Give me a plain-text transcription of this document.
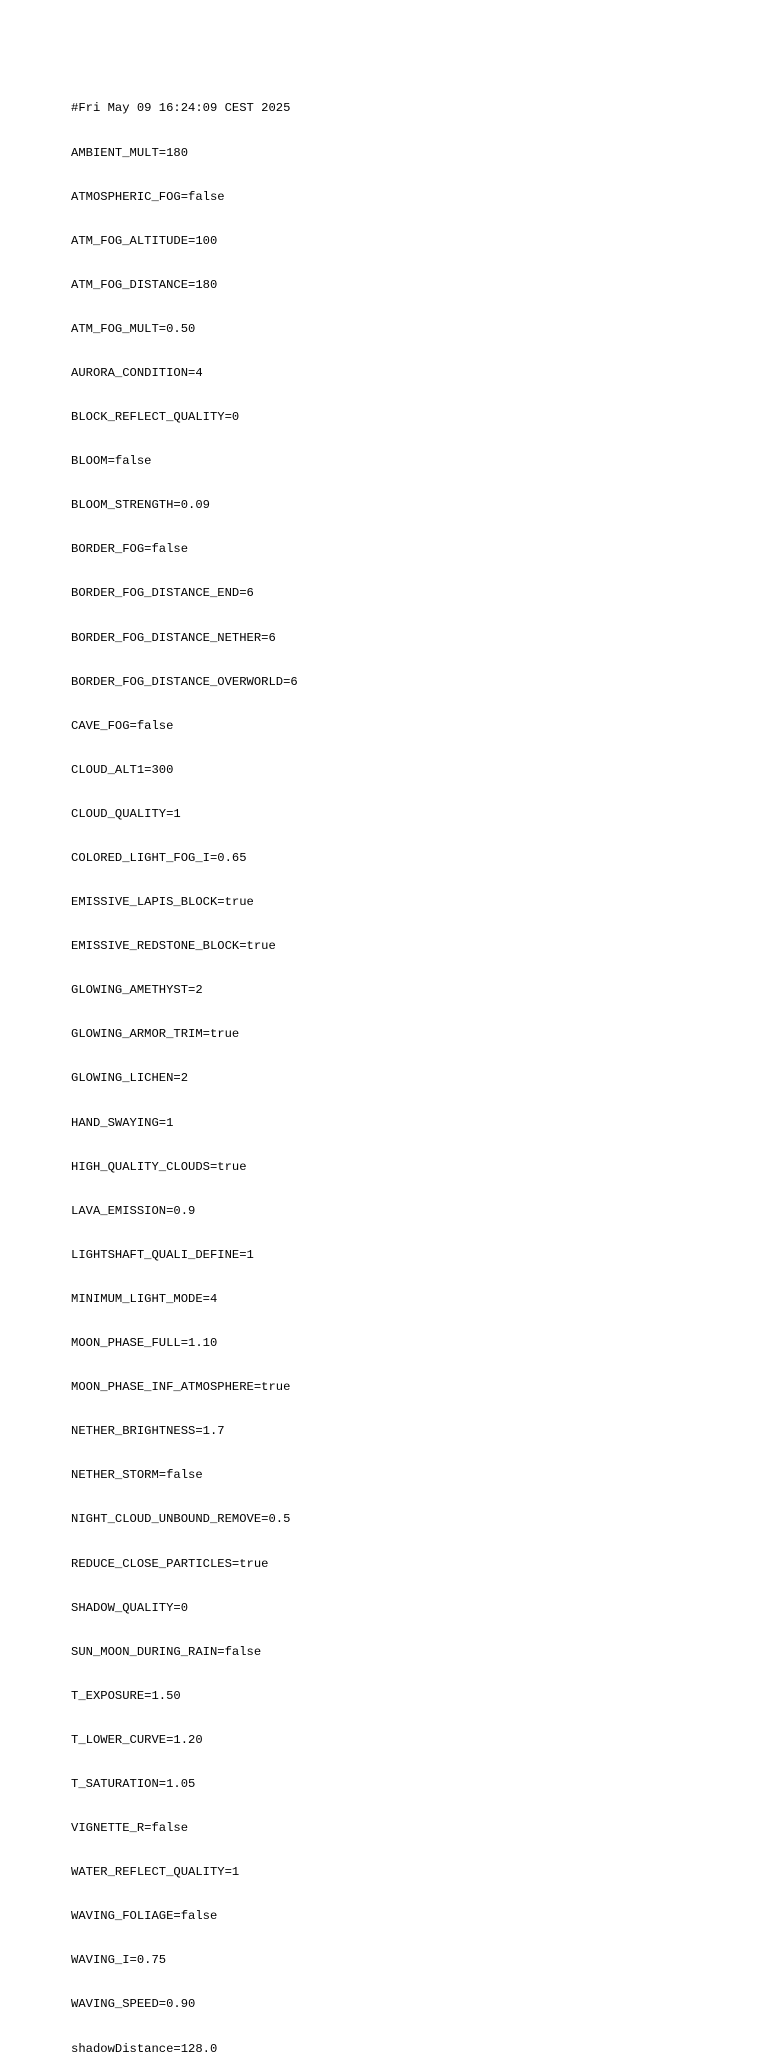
#Fri May 09 16:24:09 CEST 2025

AMBIENT_MULT=180

ATMOSPHERIC_FOG=false

ATM_FOG_ALTITUDE=100

ATM_FOG_DISTANCE=180

ATM_FOG_MULT=0.50

AURORA_CONDITION=4

BLOCK_REFLECT_QUALITY=0

BLOOM=false

BLOOM_STRENGTH=0.09

BORDER_FOG=false

BORDER_FOG_DISTANCE_END=6

BORDER_FOG_DISTANCE_NETHER=6

BORDER_FOG_DISTANCE_OVERWORLD=6

CAVE_FOG=false

CLOUD_ALT1=300

CLOUD_QUALITY=1

COLORED_LIGHT_FOG_I=0.65

EMISSIVE_LAPIS_BLOCK=true

EMISSIVE_REDSTONE_BLOCK=true

GLOWING_AMETHYST=2

GLOWING_ARMOR_TRIM=true

GLOWING_LICHEN=2

HAND_SWAYING=1

HIGH_QUALITY_CLOUDS=true

LAVA_EMISSION=0.9

LIGHTSHAFT_QUALI_DEFINE=1

MINIMUM_LIGHT_MODE=4

MOON_PHASE_FULL=1.10

MOON_PHASE_INF_ATMOSPHERE=true

NETHER_BRIGHTNESS=1.7

NETHER_STORM=false

NIGHT_CLOUD_UNBOUND_REMOVE=0.5

REDUCE_CLOSE_PARTICLES=true

SHADOW_QUALITY=0

SUN_MOON_DURING_RAIN=false

T_EXPOSURE=1.50

T_LOWER_CURVE=1.20

T_SATURATION=1.05

VIGNETTE_R=false

WATER_REFLECT_QUALITY=1

WAVING_FOLIAGE=false

WAVING_I=0.75

WAVING_SPEED=0.90

shadowDistance=128.0
